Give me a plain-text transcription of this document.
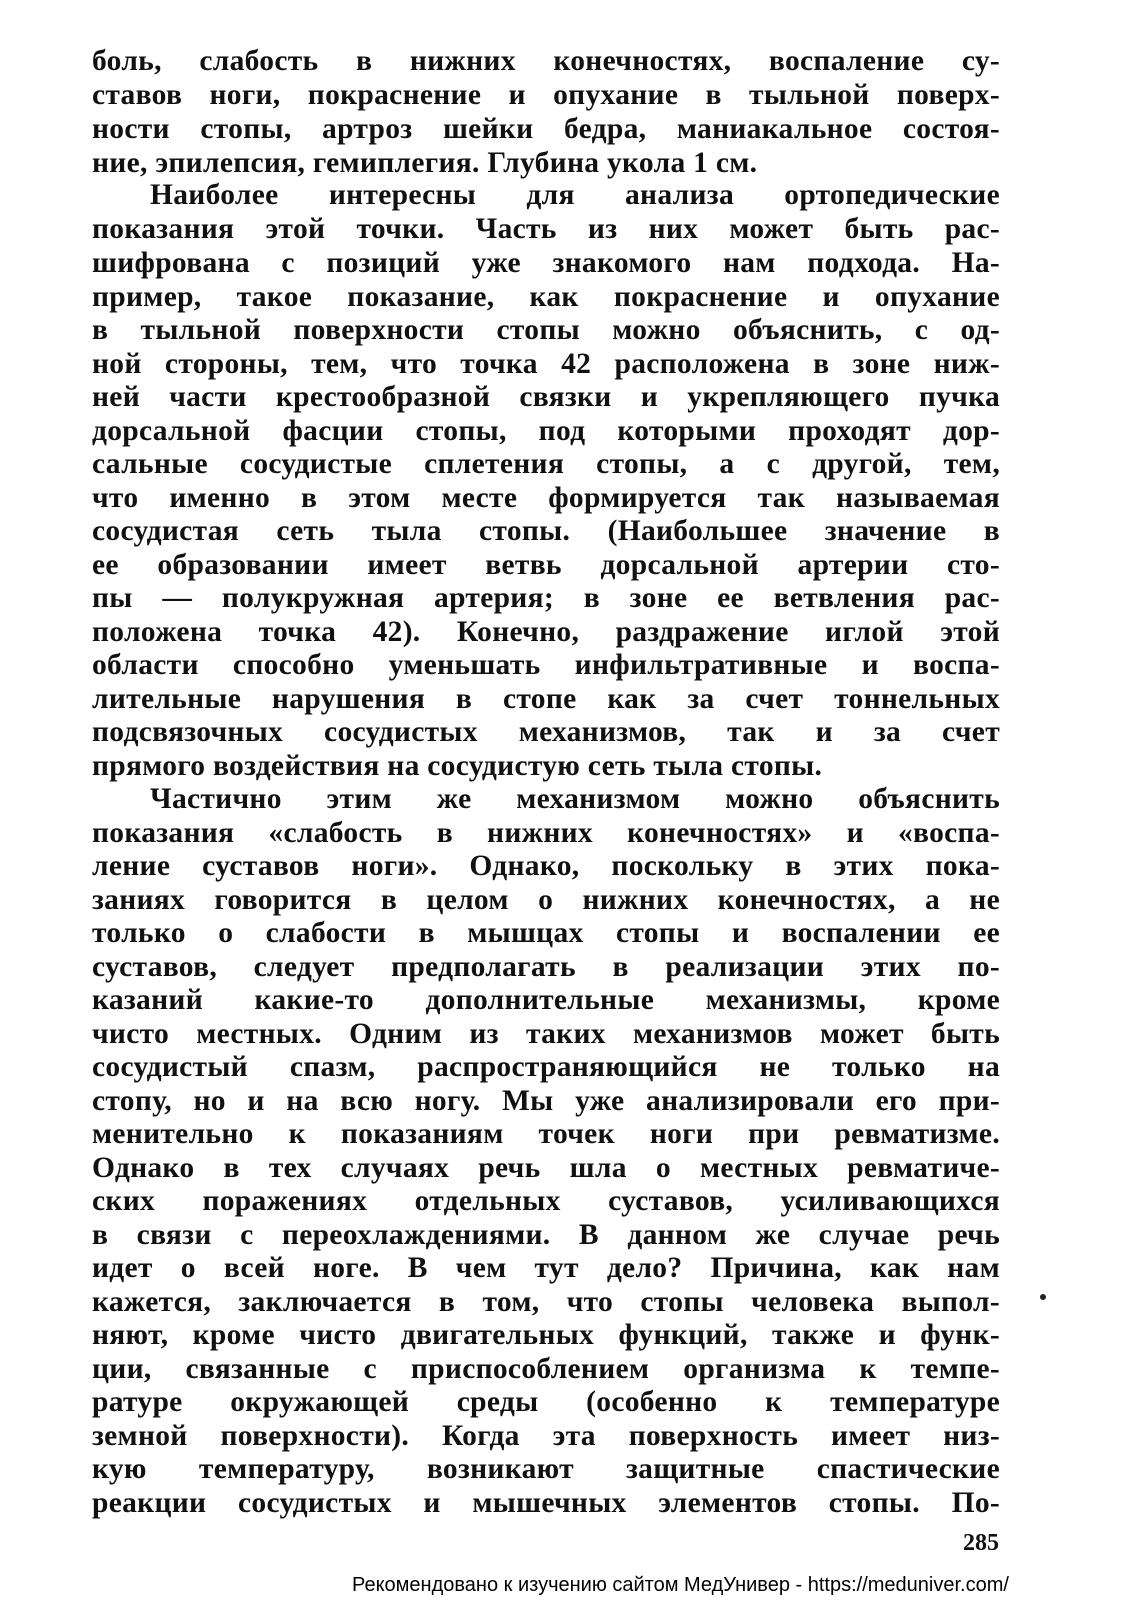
боль, слабость в нижних конечностях, воспаление су-
ставов ноги, покраснение и опухание в тыльной поверх-
ности стопы, артроз шейки бедра, маниакальное состоя-
ние, эпилепсия, гемиплегия. Глубина укола 1 см.
Наиболее интересны для анализа ортопедические
показания этой точки. Часть из них может быть рас-
шифрована с позиций уже знакомого нам подхода. На-
пример, такое показание, как покраснение и опухание
в тыльной поверхности стопы можно объяснить, с од-
ной стороны, тем, что точка 42 расположена в зоне ниж-
ней части крестообразной связки и укрепляющего пучка
дорсальной фасции стопы, под которыми проходят дор-
сальные сосудистые сплетения стопы, а с другой, тем,
что именно в этом месте формируется так называемая
сосудистая сеть тыла стопы. (Наибольшее значение в
ее образовании имеет ветвь дорсальной артерии сто-
пы — полукружная артерия; в зоне ее ветвления рас-
положена точка 42). Конечно, раздражение иглой этой
области способно уменьшать инфильтративные и воспа-
лительные нарушения в стопе как за счет тоннельных
подсвязочных сосудистых механизмов, так и за счет
прямого воздействия на сосудистую сеть тыла стопы.
Частично этим же механизмом можно объяснить
показания «слабость в нижних конечностях» и «воспа-
ление суставов ноги». Однако, поскольку в этих пока-
заниях говорится в целом о нижних конечностях, а не
только о слабости в мышцах стопы и воспалении ее
суставов, следует предполагать в реализации этих по-
казаний какие-то дополнительные механизмы, кроме
чисто местных. Одним из таких механизмов может быть
сосудистый спазм, распространяющийся не только на
стопу, но и на всю ногу. Мы уже анализировали его при-
менительно к показаниям точек ноги при ревматизме.
Однако в тех случаях речь шла о местных ревматиче-
ских поражениях отдельных суставов, усиливающихся
в связи с переохлаждениями. В данном же случае речь
идет о всей ноге. В чем тут дело? Причина, как нам
кажется, заключается в том, что стопы человека выпол-
няют, кроме чисто двигательных функций, также и функ-
ции, связанные с приспособлением организма к темпе-
ратуре окружающей среды (особенно к температуре
земной поверхности). Когда эта поверхность имеет низ-
кую температуру, возникают защитные спастические
реакции сосудистых и мышечных элементов стопы. По-
285
Рекомендовано к изучению сайтом МедУнивер - https://meduniver.com/
